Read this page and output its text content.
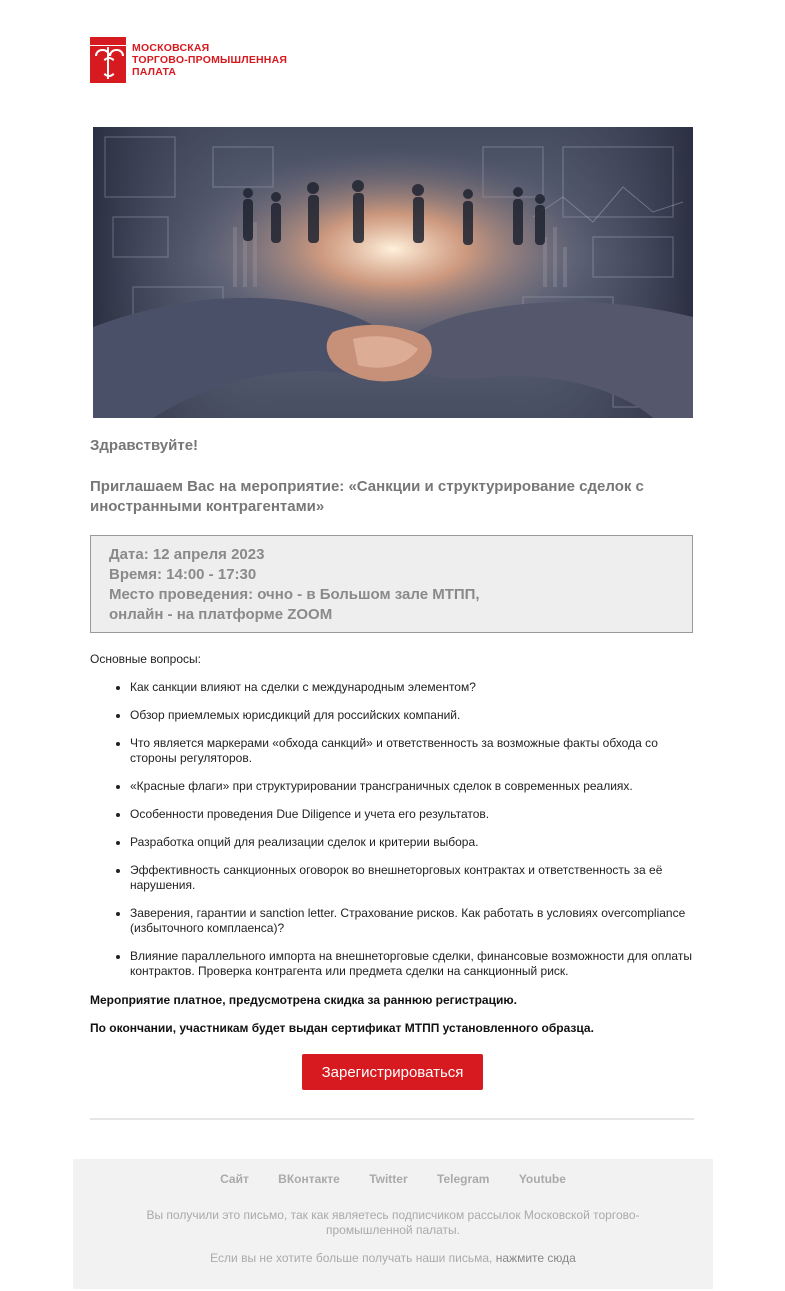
МОСКОВСКАЯ
ТОРГОВО-ПРОМЫШЛЕННАЯ
ПАЛАТА

Здравствуйте!

Приглашаем Вас на мероприятие: «Санкции и структурирование сделок с иностранными контрагентами»

Дата: 12 апреля 2023
Время: 14:00 - 17:30
Место проведения: очно - в Большом зале МТПП,
онлайн - на платформе ZOOM

Основные вопросы:

• Как санкции влияют на сделки с международным элементом?
• Обзор приемлемых юрисдикций для российских компаний.
• Что является маркерами «обхода санкций» и ответственность за возможные факты обхода со стороны регуляторов.
• «Красные флаги» при структурировании трансграничных сделок в современных реалиях.
• Особенности проведения Due Diligence и учета его результатов.
• Разработка опций для реализации сделок и критерии выбора.
• Эффективность санкционных оговорок во внешнеторговых контрактах и ответственность за её нарушения.
• Заверения, гарантии и sanction letter. Страхование рисков. Как работать в условиях overcompliance (избыточного комплаенса)?
• Влияние параллельного импорта на внешнеторговые сделки, финансовые возможности для оплаты контрактов. Проверка контрагента или предмета сделки на санкционный риск.

Мероприятие платное, предусмотрена скидка за раннюю регистрацию.

По окончании, участникам будет выдан сертификат МТПП установленного образца.

Зарегистрироваться
Сайт ВКонтакте Twitter Telegram Youtube

Вы получили это письмо, так как являетесь подписчиком рассылок Московской торгово-промышленной палаты.

Если вы не хотите больше получать наши письма, нажмите сюда
